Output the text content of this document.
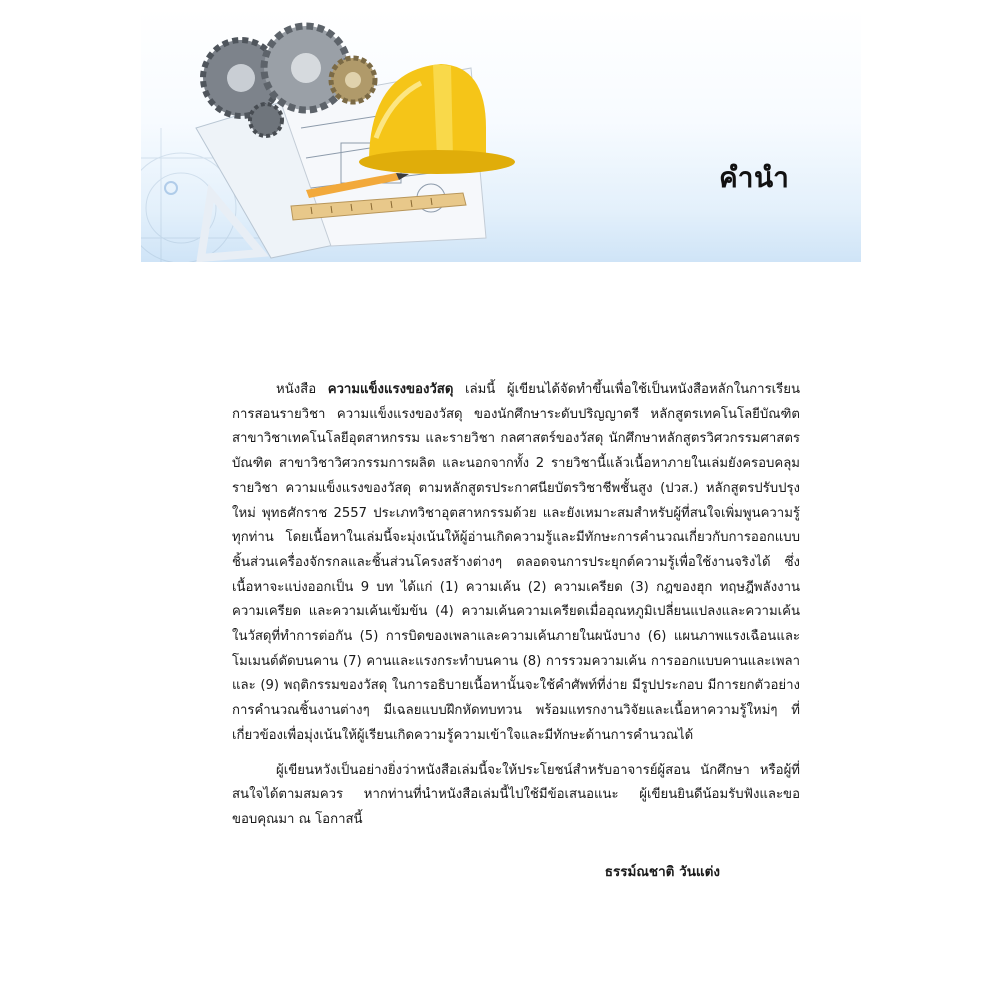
คำนำ

หนังสือ ความแข็งแรงของวัสดุ เล่มนี้ ผู้เขียนได้จัดทำขึ้นเพื่อใช้เป็นหนังสือหลักในการเรียนการสอนรายวิชา ความแข็งแรงของวัสดุ ของนักศึกษาระดับปริญญาตรี หลักสูตรเทคโนโลยีบัณฑิต สาขาวิชาเทคโนโลยีอุตสาหกรรม และรายวิชา กลศาสตร์ของวัสดุ นักศึกษาหลักสูตรวิศวกรรมศาสตรบัณฑิต สาขาวิชาวิศวกรรมการผลิต และนอกจากทั้ง 2 รายวิชานี้แล้วเนื้อหาภายในเล่มยังครอบคลุมรายวิชา ความแข็งแรงของวัสดุ ตามหลักสูตรประกาศนียบัตรวิชาชีพชั้นสูง (ปวส.) หลักสูตรปรับปรุงใหม่ พุทธศักราช 2557 ประเภทวิชาอุตสาหกรรมด้วย และยังเหมาะสมสำหรับผู้ที่สนใจเพิ่มพูนความรู้ทุกท่าน โดยเนื้อหาในเล่มนี้จะมุ่งเน้นให้ผู้อ่านเกิดความรู้และมีทักษะการคำนวณเกี่ยวกับการออกแบบชิ้นส่วนเครื่องจักรกลและชิ้นส่วนโครงสร้างต่างๆ ตลอดจนการประยุกต์ความรู้เพื่อใช้งานจริงได้ ซึ่งเนื้อหาจะแบ่งออกเป็น 9 บท ได้แก่ (1) ความเค้น (2) ความเครียด (3) กฎของฮุก ทฤษฎีพลังงานความเครียด และความเค้นเข้มข้น (4) ความเค้นความเครียดเมื่ออุณหภูมิเปลี่ยนแปลงและความเค้นในวัสดุที่ทำการต่อกัน (5) การบิดของเพลาและความเค้นภายในผนังบาง (6) แผนภาพแรงเฉือนและโมเมนต์ดัดบนคาน (7) คานและแรงกระทำบนคาน (8) การรวมความเค้น การออกแบบคานและเพลา และ (9) พฤติกรรมของวัสดุ ในการอธิบายเนื้อหานั้นจะใช้คำศัพท์ที่ง่าย มีรูปประกอบ มีการยกตัวอย่างการคำนวณชิ้นงานต่างๆ มีเฉลยแบบฝึกหัดทบทวน พร้อมแทรกงานวิจัยและเนื้อหาความรู้ใหม่ๆ ที่เกี่ยวข้องเพื่อมุ่งเน้นให้ผู้เรียนเกิดความรู้ความเข้าใจและมีทักษะด้านการคำนวณได้

ผู้เขียนหวังเป็นอย่างยิ่งว่าหนังสือเล่มนี้จะให้ประโยชน์สำหรับอาจารย์ผู้สอน นักศึกษา หรือผู้ที่สนใจได้ตามสมควร หากท่านที่นำหนังสือเล่มนี้ไปใช้มีข้อเสนอแนะ ผู้เขียนยินดีน้อมรับฟังและขอขอบคุณมา ณ โอกาสนี้

ธรรม์ณชาติ วันแต่ง
